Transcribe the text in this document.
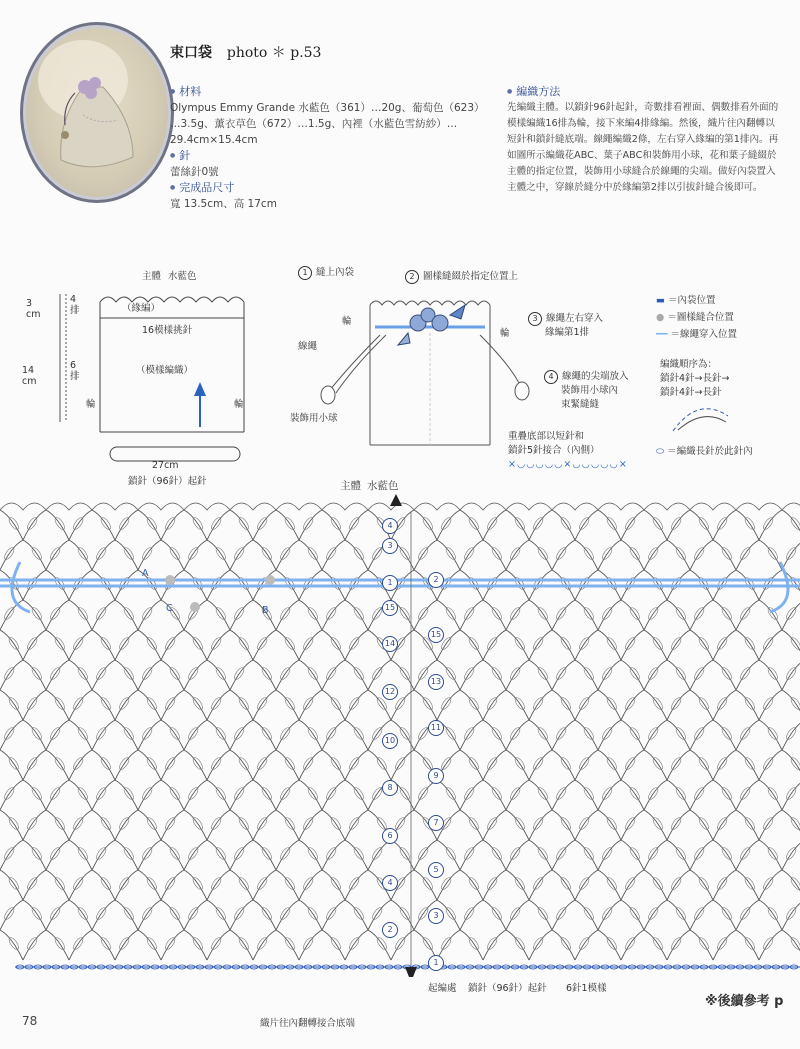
束口袋 photo ＊ p.53
● 材料
Olympus Emmy Grande 水藍色（361）…20g、葡萄色（623）
…3.5g、薰衣草色（672）…1.5g、內裡（水藍色雪紡紗）…
29.4cm×15.4cm
● 針
蕾絲針0號
● 完成品尺寸
寬 13.5cm、高 17cm
● 編織方法
先編織主體。以鎖針96針起針，奇數排看裡面、偶數排看外面的
模樣編織16排為輪，接下來編4排緣編。然後，織片往內翻轉以
短針和鎖針縫底端。線繩編織2條，左右穿入緣編的第1排內。再
如圖所示編織花ABC、葉子ABC和裝飾用小球，花和葉子縫綴於
主體的指定位置，裝飾用小球縫合於線繩的尖端。做好內袋置入
主體之中，穿線於縫分中於緣編第2排以引拔針縫合後即可。
主體 水藍色
（緣編）
16模樣挑針
（模樣編織）
3
cm
4
排
14
cm
6
排
輪	輪
27cm
鎖針（96針）起針
1 縫上內袋	2 圖樣縫綴於指定位置上
3 線繩左右穿入
緣編第1排
4 線繩的尖端放入
裝飾用小球內
束緊縫縫
輪
輪
線繩
裝飾用小球
重疊底部以短針和
鎖針5針接合（內側）
×◡◡◡◡◡×◡◡◡◡◡×
▬ ＝內袋位置
● ＝圖樣縫合位置
━━ ＝線繩穿入位置
編織順序為：
鎖針4針→長針→
鎖針4針→長針
⬭ ＝編織長針於此針內
主體 水藍色
4
3
1
15
14
12
10
8
6
4
2
2
15
13
11
9
7
5
3
1
A
B
C
起編處 鎖針（96針）起針 6針1模樣
織片往內翻轉接合底端
78
※後續參考 p
